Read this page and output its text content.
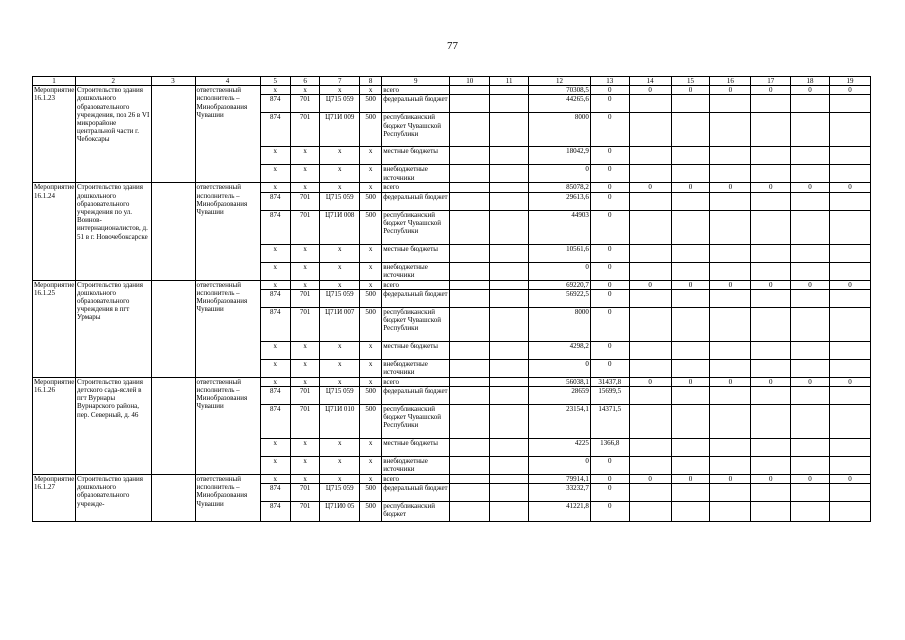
77
1	2	3	4	5	6	7	8	9	10	11	12	13	14	15	16	17	18	19
Мероприятие 16.1.23	Строительство здания дошкольного образовательного учреждения, поз 26 в VI микрорайоне центральной части г. Чебоксары		ответственный исполнитель – Минобразования Чувашии	x	x	x	x	всего			70308,5	0	0	0	0	0	0	0
				874	701	Ц715 059	500	федеральный бюджет			44265,6	0						
				874	701	Ц71И 009	500	республиканский бюджет Чувашской Республики			8000	0						
				x	x	x	x	местные бюджеты			18042,9	0						
				x	x	x	x	внебюджетные источники			0	0						
Мероприятие 16.1.24	Строительство здания дошкольного образовательного учреждения по ул. Воинов-интернационалистов, д. 51 в г. Новочебоксарске		ответственный исполнитель – Минобразования Чувашии	x	x	x	x	всего			85078,2	0	0	0	0	0	0	0
				874	701	Ц715 059	500	федеральный бюджет			29613,6	0						
				874	701	Ц71И 008	500	республиканский бюджет Чувашской Республики			44903	0						
				x	x	x	x	местные бюджеты			10561,6	0						
				x	x	x	x	внебюджетные источники			0	0						
Мероприятие 16.1.25	Строительство здания дошкольного образовательного учреждения в пгт Урмары		ответственный исполнитель – Минобразования Чувашии	x	x	x	x	всего			69220,7	0	0	0	0	0	0	0
				874	701	Ц715 059	500	федеральный бюджет			56922,5	0						
				874	701	Ц71И 007	500	республиканский бюджет Чувашской Республики			8000	0						
				x	x	x	x	местные бюджеты			4298,2	0						
				x	x	x	x	внебюджетные источники			0	0						
Мероприятие 16.1.26	Строительство здания детского сада-яслей в пгт Вурнары Вурнарского района, пер. Северный, д. 46		ответственный исполнитель – Минобразования Чувашии	x	x	x	x	всего			56038,1	31437,8	0	0	0	0	0	0
				874	701	Ц715 059	500	федеральный бюджет			28659	15699,5						
				874	701	Ц71И 010	500	республиканский бюджет Чувашской Республики			23154,1	14371,5						
				x	x	x	x	местные бюджеты			4225	1366,8						
				x	x	x	x	внебюджетные источники			0	0						
Мероприятие 16.1.27	Строительство здания дошкольного образовательного учрежде-		ответственный исполнитель – Минобразования Чувашии	x	x	x	x	всего			79914,1	0	0	0	0	0	0	0
				874	701	Ц715 059	500	федеральный бюджет			33232,7	0						
				874	701	Ц71И0 05	500	республиканский бюджет			41221,8	0						
